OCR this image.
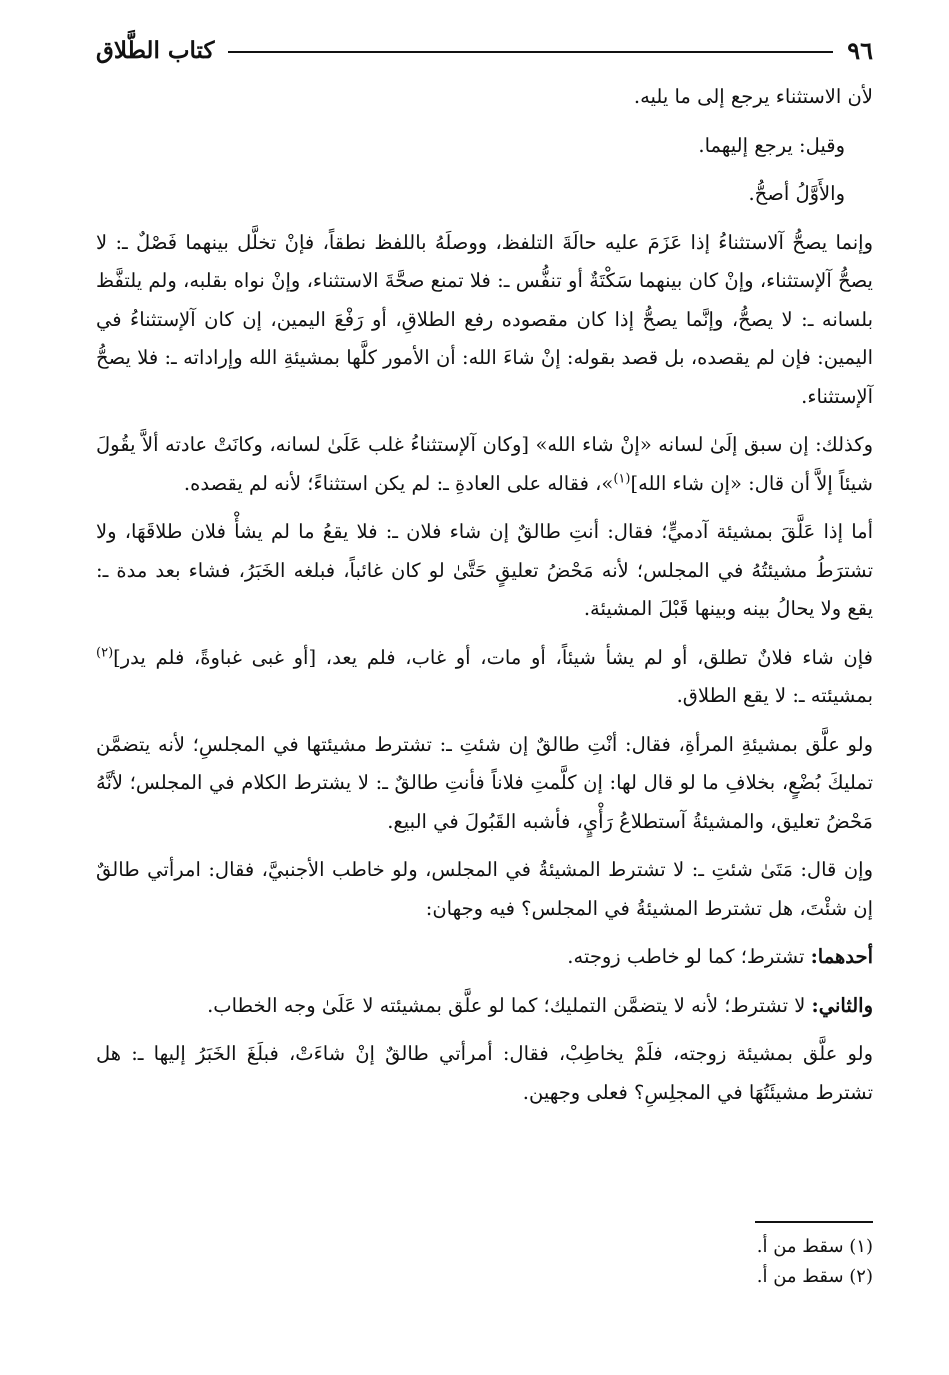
٩٦
كتاب الطَّلاق

لأن الاستثناء يرجع إلى ما يليه.

وقيل: يرجع إليهما.

والأَوَّلُ أصحُّ.

وإنما يصحُّ آلاستثناءُ إذا عَزَمَ عليه حالَةَ التلفظ، ووصلَهُ باللفظ نطقاً، فإنْ تخلَّل بينهما فَصْلٌ ـ: لا يصحُّ آلإستثناء، وإنْ كان بينهما سَكْتَةٌ أو تنفُّس ـ: فلا تمنع صحَّةَ الاستثناء، وإنْ نواه بقلبه، ولم يلتفَّظ بلسانه ـ: لا يصحُّ، وإنَّما يصحُّ إذا كان مقصوده رفع الطلاقِ، أو رَفْعَ اليمين، إن كان آلإستثناءُ في اليمين: فإن لم يقصده، بل قصد بقوله: إنْ شاءَ الله: أن الأمور كلَّها بمشيئةِ الله وإراداته ـ: فلا يصحُّ آلإستثناء.

وكذلك: إن سبق إلَىٰ لسانه «إنْ شاء الله» [وكان آلإستثناءُ غلب عَلَىٰ لسانه، وكانَتْ عادته ألاَّ يقُولَ شيئاً إلاَّ أن قال: «إن شاء الله]$^{(١)}$»، فقاله على العادةِ ـ: لم يكن استثناءً؛ لأنه لم يقصده.

أما إذا عَلَّقَ بمشيئة آدميٍّ؛ فقال: أنتِ طالقٌ إن شاء فلان ـ: فلا يقعُ ما لم يشأْ فلان طلاقَهَا، ولا تشترَطُ مشيئتُهُ في المجلس؛ لأنه مَحْضُ تعليقٍ حَتَّىٰ لو كان غائباً، فبلغه الخَبَرُ، فشاء بعد مدة ـ: يقع ولا يحالُ بينه وبينها قَبْلَ المشيئة.

فإن شاء فلانٌ تطلق، أو لم يشأ شيئاً، أو مات، أو غاب، فلم يعد، [أو غبى غباوةً، فلم يدر]$^{(٢)}$ بمشيئته ـ: لا يقع الطلاق.

ولو علَّق بمشيئةِ المرأةِ، فقال: أنْتِ طالقٌ إن شئتِ ـ: تشترط مشيئتها في المجلسِ؛ لأنه يتضمَّن تمليكَ بُضْعٍ، بخلافِ ما لو قال لها: إن كلَّمتِ فلاناً فأنتِ طالقٌ ـ: لا يشترط الكلام في المجلس؛ لأنَّهُ مَحْضُ تعليق، والمشيئةُ آستطلاعُ رَأْيٍ، فأشبه القَبُولَ في البيع.

وإن قال: مَتَىٰ شئتِ ـ: لا تشترط المشيئةُ في المجلس، ولو خاطب الأجنبيَّ، فقال: امرأتي طالقٌ إن شئْتَ، هل تشترط المشيئةُ في المجلس؟ فيه وجهان:

أحدهما: تشترط؛ كما لو خاطب زوجته.

والثاني: لا تشترط؛ لأنه لا يتضمَّن التمليك؛ كما لو علَّق بمشيئته لا عَلَىٰ وجه الخطاب.

ولو علَّق بمشيئة زوجته، فلَمْ يخاطِبْ، فقال: أمرأتي طالقٌ إنْ شاءَتْ، فبلَغَ الخَبَرُ إليها ـ: هل تشترط مشيئَتُهَا في المجلِسِ؟ فعلى وجهين.

(١) سقط من أ.
(٢) سقط من أ.
